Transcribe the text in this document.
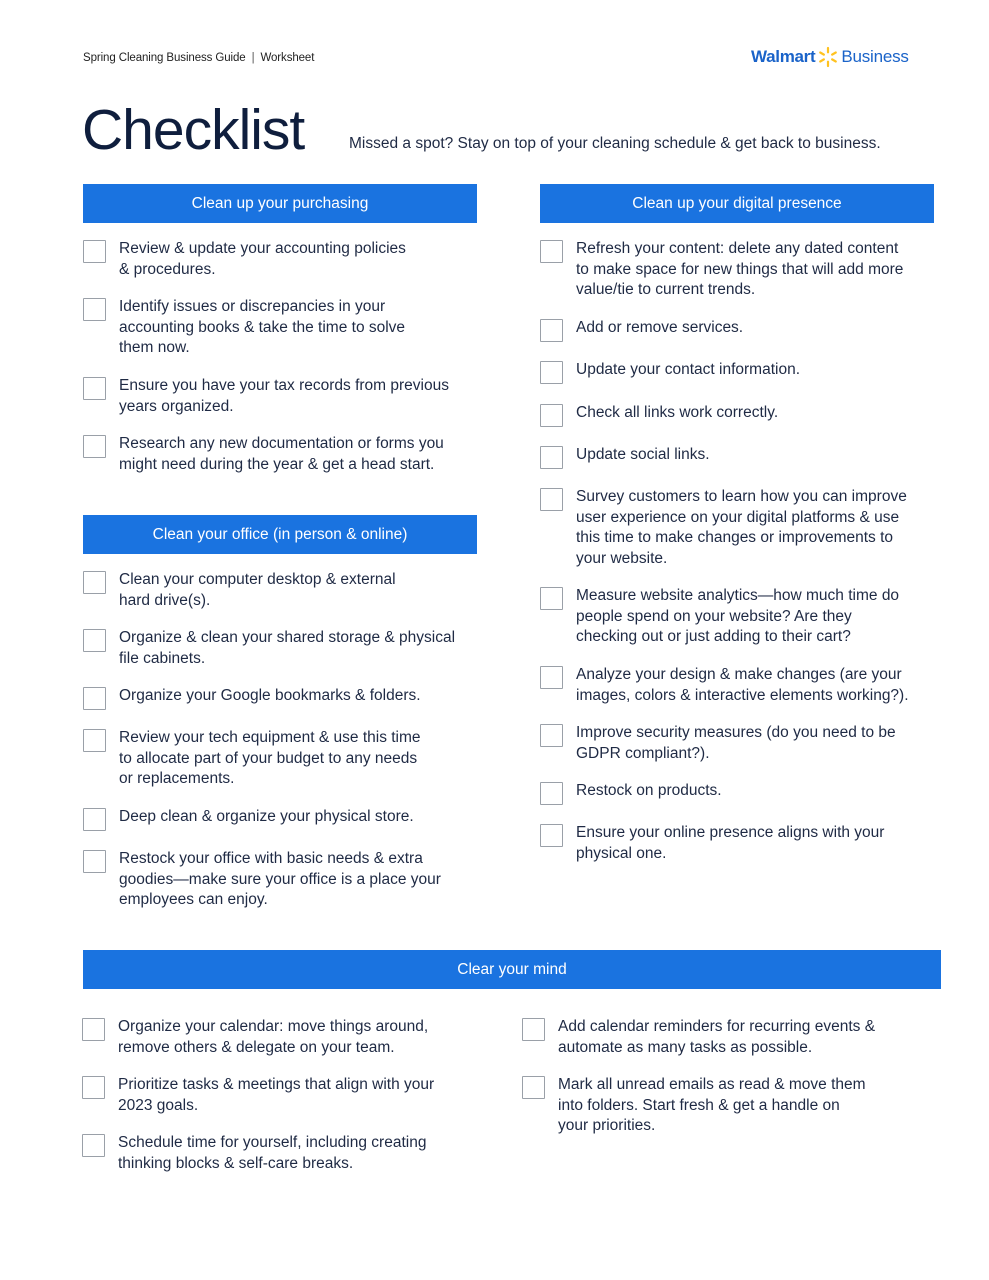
Spring Cleaning Business Guide | Worksheet	Walmart Business
Checklist	Missed a spot? Stay on top of your cleaning schedule & get back to business.
Clean up your purchasing
Review & update your accounting policies
& procedures.
Identify issues or discrepancies in your
accounting books & take the time to solve
them now.
Ensure you have your tax records from previous
years organized.
Research any new documentation or forms you
might need during the year & get a head start.
Clean your office (in person & online)
Clean your computer desktop & external
hard drive(s).
Organize & clean your shared storage & physical
file cabinets.
Organize your Google bookmarks & folders.
Review your tech equipment & use this time
to allocate part of your budget to any needs
or replacements.
Deep clean & organize your physical store.
Restock your office with basic needs & extra
goodies—make sure your office is a place your
employees can enjoy.
Clean up your digital presence
Refresh your content: delete any dated content
to make space for new things that will add more
value/tie to current trends.
Add or remove services.
Update your contact information.
Check all links work correctly.
Update social links.
Survey customers to learn how you can improve
user experience on your digital platforms & use
this time to make changes or improvements to
your website.
Measure website analytics—how much time do
people spend on your website? Are they
checking out or just adding to their cart?
Analyze your design & make changes (are your
images, colors & interactive elements working?).
Improve security measures (do you need to be
GDPR compliant?).
Restock on products.
Ensure your online presence aligns with your
physical one.
Clear your mind
Organize your calendar: move things around,
remove others & delegate on your team.
Prioritize tasks & meetings that align with your
2023 goals.
Schedule time for yourself, including creating
thinking blocks & self-care breaks.
Add calendar reminders for recurring events &
automate as many tasks as possible.
Mark all unread emails as read & move them
into folders. Start fresh & get a handle on
your priorities.
